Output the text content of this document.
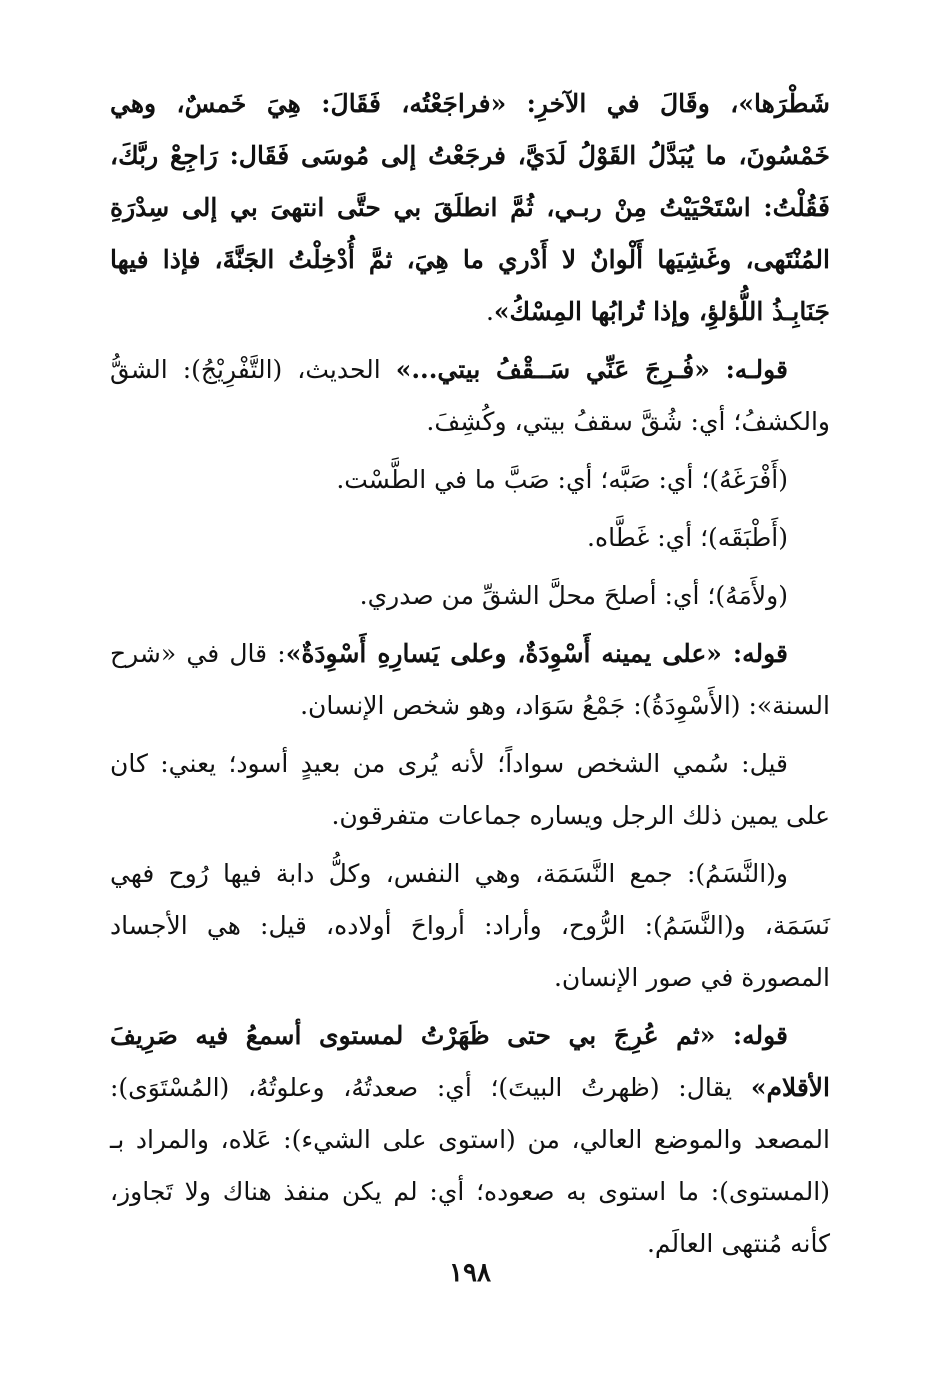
شَطْرَها»، وقَالَ في الآخرِ: «فراجَعْتُه، فَقَالَ: هِيَ خَمسٌ، وهي خَمْسُونَ، ما يُبَدَّلُ القَوْلُ لَدَيَّ، فرجَعْتُ إلى مُوسَى فَقَال: رَاجِعْ ربَّكَ، فَقُلْتُ: اسْتَحْيَيْتُ مِنْ ربـي، ثُمَّ انطلَقَ بي حتَّى انتهىَ بي إلى سِدْرَةِ المُنْتَهى، وغَشِيَها أَلْوانٌ لا أَدْري ما هِيَ، ثمَّ أُدْخِلْتُ الجَنَّةَ، فإذا فيها جَنَابِـذُ اللُّؤلؤِ، وإذا تُرابُها المِسْكُ».

قولـه: «فُـرِجَ عَنِّي سَــقْفُ بيتي...» الحديث، (التَّفْرِيْجُ): الشقُّ والكشفُ؛ أي: شُقَّ سقفُ بيتي، وكُشِفَ.

(أَفْرَغَهُ)؛ أي: صَبَّه؛ أي: صَبَّ ما في الطَّسْت.

(أَطْبَقَه)؛ أي: غَطَّاه.

(ولأَمَهُ)؛ أي: أصلحَ محلَّ الشقِّ من صدري.

قوله: «على يمينه أَسْوِدَةٌ، وعلى يَسارِهِ أَسْوِدَةٌ»: قال في «شرح السنة»: (الأَسْوِدَةُ): جَمْعُ سَوَاد، وهو شخص الإنسان.

قيل: سُمي الشخص سواداً؛ لأنه يُرى من بعيدٍ أسود؛ يعني: كان على يمين ذلك الرجل ويساره جماعات متفرقون.

و(النَّسَمُ): جمع النَّسَمَة، وهي النفس، وكلُّ دابة فيها رُوح فهي نَسَمَة، و(النَّسَمُ): الرُّوح، وأراد: أرواحَ أولاده، قيل: هي الأجساد المصورة في صور الإنسان.

قوله: «ثم عُرِجَ بي حتى ظَهَرْتُ لمستوى أسمعُ فيه صَرِيفَ الأقلام» يقال: (ظهرتُ البيتَ)؛ أي: صعدتُهُ، وعلوتُهُ، (المُسْتَوَى): المصعد والموضع العالي، من (استوى على الشيء): عَلاه، والمراد بـ (المستوى): ما استوى به صعوده؛ أي: لم يكن منفذ هناك ولا تَجاوز، كأنه مُنتهى العالَم.

١٩٨
